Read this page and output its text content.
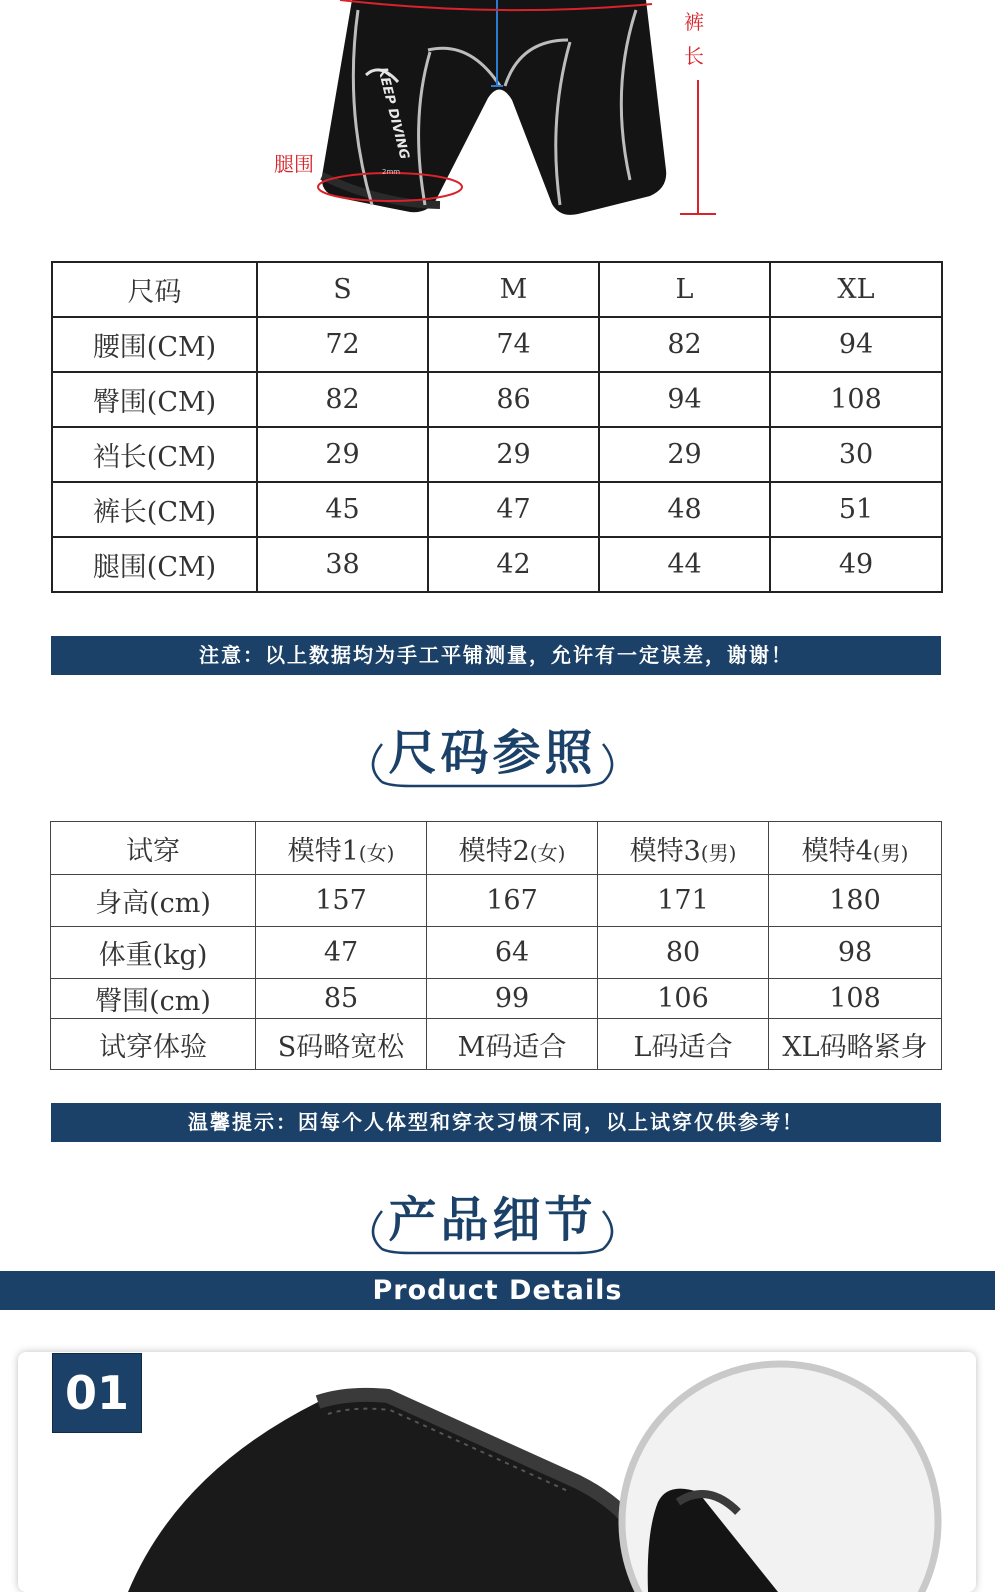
裤
长
腿围
KEEP DIVING
2mm
尺码	S	M	L	XL
腰围(CM)	72	74	82	94
臀围(CM)	82	86	94	108
裆长(CM)	29	29	29	30
裤长(CM)	45	47	48	51
腿围(CM)	38	42	44	49
注意：以上数据均为手工平铺测量，允许有一定误差，谢谢！
尺码参照
试穿	模特1(女)	模特2(女)	模特3(男)	模特4(男)
身高(cm)	157	167	171	180
体重(kg)	47	64	80	98
臀围(cm)	85	99	106	108
试穿体验	S码略宽松	M码适合	L码适合	XL码略紧身
温馨提示：因每个人体型和穿衣习惯不同，以上试穿仅供参考！
产品细节
Product Details
01
